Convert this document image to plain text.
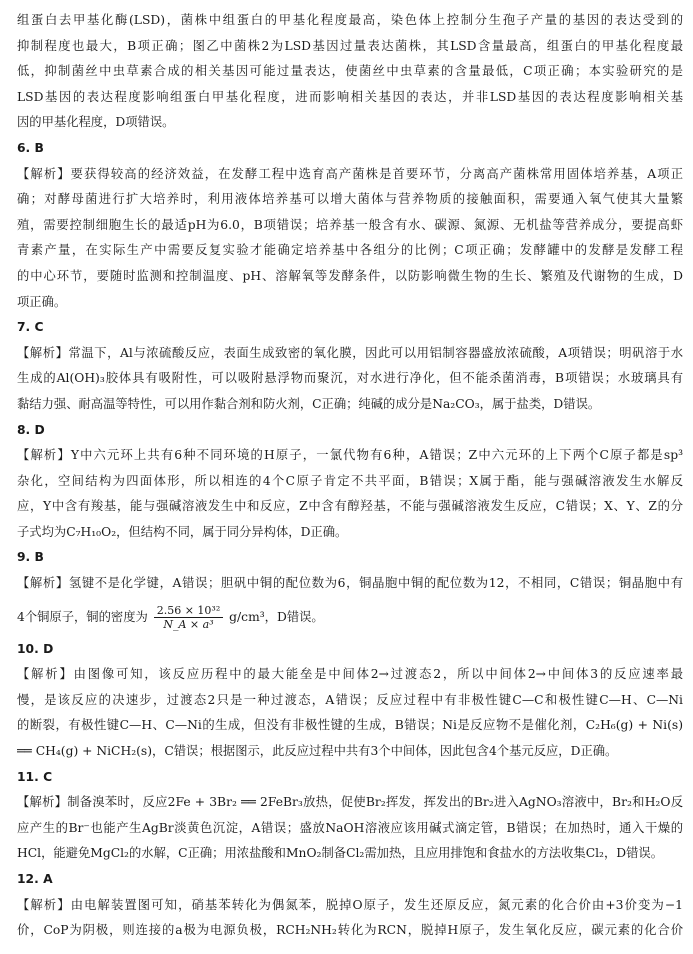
组蛋白去甲基化酶(LSD)，菌株中组蛋白的甲基化程度最高，染色体上控制分生孢子产量的基因的表达受到的
抑制程度也最大，B项正确；图乙中菌株2为LSD基因过量表达菌株，其LSD含量最高，组蛋白的甲基化程度最
低，抑制菌丝中虫草素合成的相关基因可能过量表达，使菌丝中虫草素的含量最低，C项正确；本实验研究的是
LSD基因的表达程度影响组蛋白甲基化程度，进而影响相关基因的表达，并非LSD基因的表达程度影响相关基
因的甲基化程度，D项错误。
6. B
【解析】要获得较高的经济效益，在发酵工程中选育高产菌株是首要环节，分离高产菌株常用固体培养基，A项正
确；对酵母菌进行扩大培养时，利用液体培养基可以增大菌体与营养物质的接触面积，需要通入氧气使其大量繁
殖，需要控制细胞生长的最适pH为6.0，B项错误；培养基一般含有水、碳源、氮源、无机盐等营养成分，要提高虾
青素产量，在实际生产中需要反复实验才能确定培养基中各组分的比例；C项正确；发酵罐中的发酵是发酵工程
的中心环节，要随时监测和控制温度、pH、溶解氧等发酵条件，以防影响微生物的生长、繁殖及代谢物的生成，D
项正确。
7. C
【解析】常温下，Al与浓硫酸反应，表面生成致密的氧化膜，因此可以用铝制容器盛放浓硫酸，A项错误；明矾溶于水
生成的Al(OH)₃胶体具有吸附性，可以吸附悬浮物而聚沉，对水进行净化，但不能杀菌消毒，B项错误；水玻璃具有
黏结力强、耐高温等特性，可以用作黏合剂和防火剂，C正确；纯碱的成分是Na₂CO₃，属于盐类，D错误。
8. D
【解析】Y中六元环上共有6种不同环境的H原子，一氯代物有6种，A错误；Z中六元环的上下两个C原子都是sp³
杂化，空间结构为四面体形，所以相连的4个C原子肯定不共平面，B错误；X属于酯，能与强碱溶液发生水解反
应，Y中含有羧基，能与强碱溶液发生中和反应，Z中含有醇羟基，不能与强碱溶液发生反应，C错误；X、Y、Z的分
子式均为C₇H₁₀O₂，但结构不同，属于同分异构体，D正确。
9. B
【解析】氢键不是化学键，A错误；胆矾中铜的配位数为6，铜晶胞中铜的配位数为12，不相同，C错误；铜晶胞中有
4个铜原子，铜的密度为 $\frac{\text{2.56 × 10³²}}{\text{N\_A × a³}} g/cm^3$，D错误。
10. D
【解析】由图像可知，该反应历程中的最大能垒是中间体2→过渡态2，所以中间体2→中间体3的反应速率最
慢，是该反应的决速步，过渡态2只是一种过渡态，A错误；反应过程中有非极性键C—C和极性键C—H、C—Ni
的断裂，有极性键C—H、C—Ni的生成，但没有非极性键的生成，B错误；Ni是反应物不是催化剂，C₂H₆(g) + Ni(s)
══ CH₄(g) + NiCH₂(s)，C错误；根据图示，此反应过程中共有3个中间体，因此包含4个基元反应，D正确。
11. C
【解析】制备溴苯时，反应2Fe + 3Br₂ ══ 2FeBr₃放热，促使Br₂挥发，挥发出的Br₂进入AgNO₃溶液中，Br₂和H₂O反
应产生的Br⁻也能产生AgBr淡黄色沉淀，A错误；盛放NaOH溶液应该用碱式滴定管，B错误；在加热时，通入干燥的
HCl，能避免MgCl₂的水解，C正确；用浓盐酸和MnO₂制备Cl₂需加热，且应用排饱和食盐水的方法收集Cl₂，D错误。
12. A
【解析】由电解装置图可知，硝基苯转化为偶氮苯，脱掉O原子，发生还原反应，氮元素的化合价由+3价变为−1
价，CoP为阴极，则连接的a极为电源负极，RCH₂NH₂转化为RCN，脱掉H原子，发生氧化反应，碳元素的化合价
